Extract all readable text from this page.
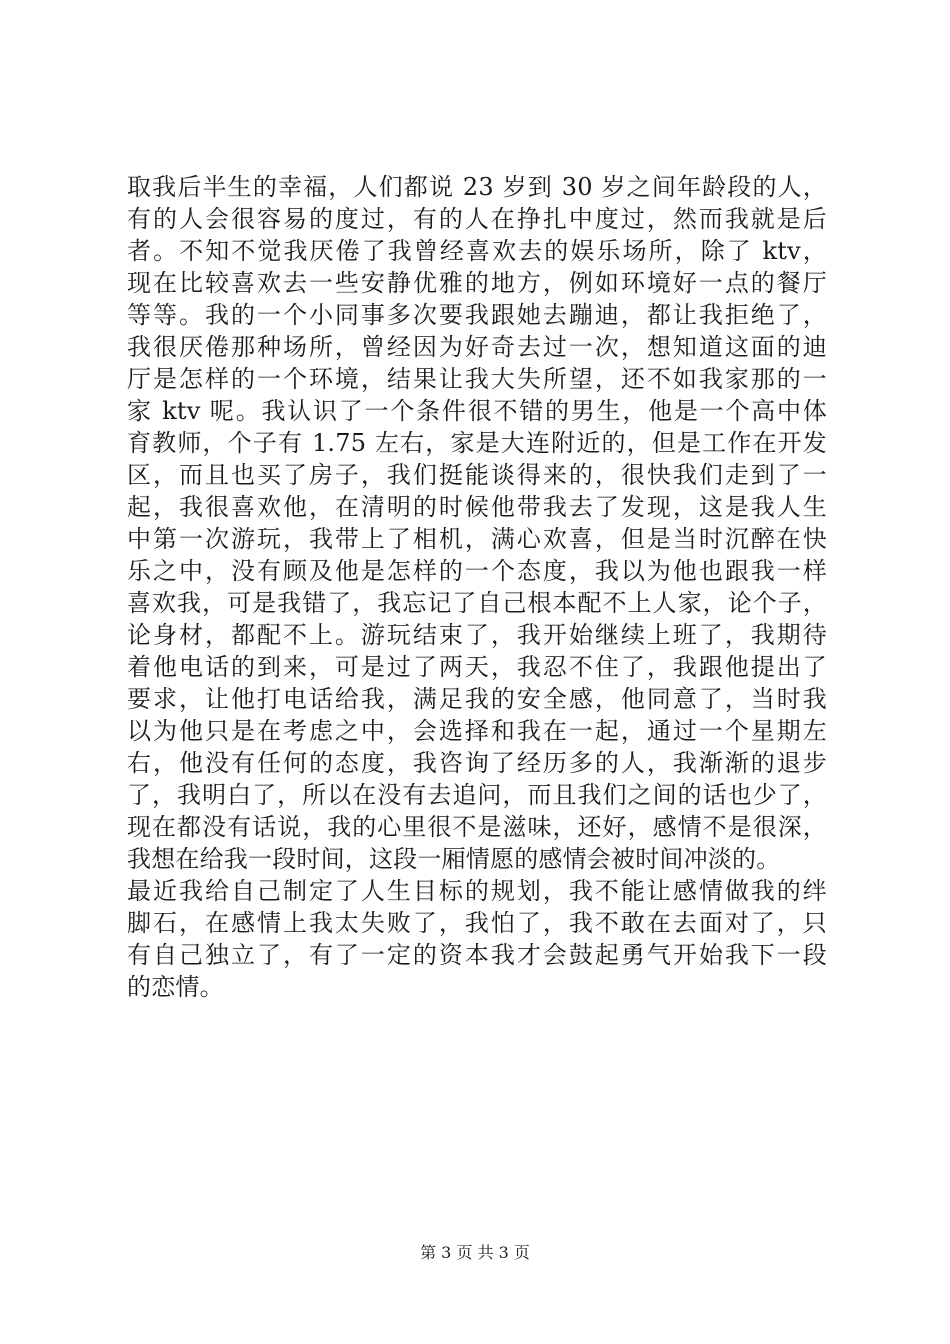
取我后半生的幸福，人们都说 23 岁到 30 岁之间年龄段的人，
有的人会很容易的度过，有的人在挣扎中度过，然而我就是后
者。不知不觉我厌倦了我曾经喜欢去的娱乐场所，除了 ktv，
现在比较喜欢去一些安静优雅的地方，例如环境好一点的餐厅
等等。我的一个小同事多次要我跟她去蹦迪，都让我拒绝了，
我很厌倦那种场所，曾经因为好奇去过一次，想知道这面的迪
厅是怎样的一个环境，结果让我大失所望，还不如我家那的一
家 ktv 呢。我认识了一个条件很不错的男生，他是一个高中体
育教师，个子有 1.75 左右，家是大连附近的，但是工作在开发
区，而且也买了房子，我们挺能谈得来的，很快我们走到了一
起，我很喜欢他，在清明的时候他带我去了发现，这是我人生
中第一次游玩，我带上了相机，满心欢喜，但是当时沉醉在快
乐之中，没有顾及他是怎样的一个态度，我以为他也跟我一样
喜欢我，可是我错了，我忘记了自己根本配不上人家，论个子，
论身材，都配不上。游玩结束了，我开始继续上班了，我期待
着他电话的到来，可是过了两天，我忍不住了，我跟他提出了
要求，让他打电话给我，满足我的安全感，他同意了，当时我
以为他只是在考虑之中，会选择和我在一起，通过一个星期左
右，他没有任何的态度，我咨询了经历多的人，我渐渐的退步
了，我明白了，所以在没有去追问，而且我们之间的话也少了，
现在都没有话说，我的心里很不是滋味，还好，感情不是很深，
我想在给我一段时间，这段一厢情愿的感情会被时间冲淡的。
最近我给自己制定了人生目标的规划，我不能让感情做我的绊
脚石，在感情上我太失败了，我怕了，我不敢在去面对了，只
有自己独立了，有了一定的资本我才会鼓起勇气开始我下一段
的恋情。
第 3 页 共 3 页
